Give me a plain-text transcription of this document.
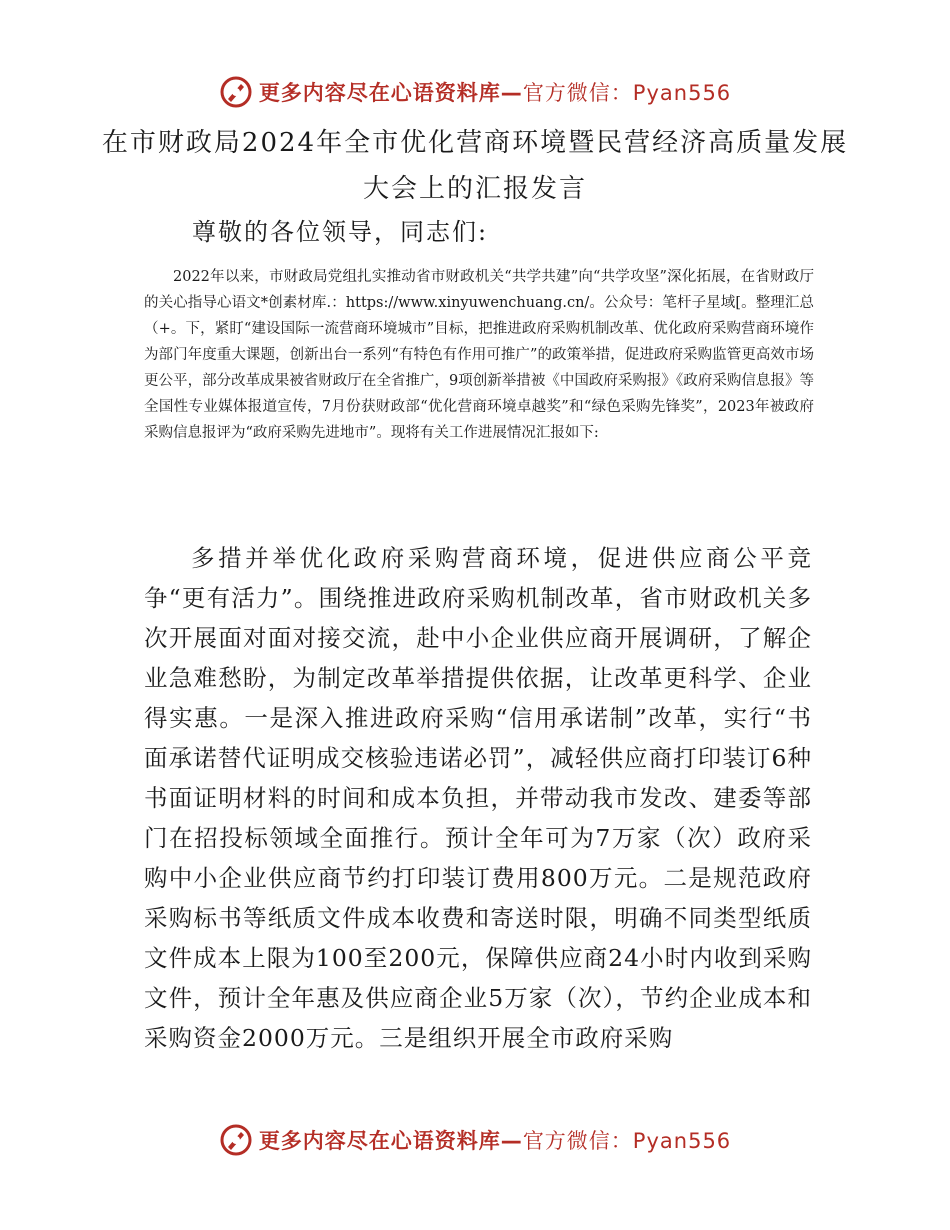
更多内容尽在心语资料库—官方微信：Pyan556
在市财政局2024年全市优化营商环境暨民营经济高质量发展
大会上的汇报发言
尊敬的各位领导，同志们:
2022年以来，市财政局党组扎实推动省市财政机关“共学共建”向“共学攻坚”深化拓展，在省财政厅的关心指导心语文*创素材库.：https://www.xinyuwenchuang.cn/。公众号：笔杆子星域[。整理汇总（+。下，紧盯“建设国际一流营商环境城市”目标，把推进政府采购机制改革、优化政府采购营商环境作为部门年度重大课题，创新出台一系列“有特色有作用可推广”的政策举措，促进政府采购监管更高效市场更公平，部分改革成果被省财政厅在全省推广，9项创新举措被《中国政府采购报》《政府采购信息报》等全国性专业媒体报道宣传，7月份获财政部“优化营商环境卓越奖”和“绿色采购先锋奖”，2023年被政府采购信息报评为“政府采购先进地市”。现将有关工作进展情况汇报如下:
多措并举优化政府采购营商环境，促进供应商公平竞争“更有活力”。围绕推进政府采购机制改革，省市财政机关多次开展面对面对接交流，赴中小企业供应商开展调研，了解企业急难愁盼，为制定改革举措提供依据，让改革更科学、企业得实惠。一是深入推进政府采购“信用承诺制”改革，实行“书面承诺替代证明成交核验违诺必罚”，减轻供应商打印装订6种书面证明材料的时间和成本负担，并带动我市发改、建委等部门在招投标领域全面推行。预计全年可为7万家（次）政府采购中小企业供应商节约打印装订费用800万元。二是规范政府采购标书等纸质文件成本收费和寄送时限，明确不同类型纸质文件成本上限为100至200元，保障供应商24小时内收到采购文件，预计全年惠及供应商企业5万家（次），节约企业成本和采购资金2000万元。三是组织开展全市政府采购
更多内容尽在心语资料库—官方微信：Pyan556
